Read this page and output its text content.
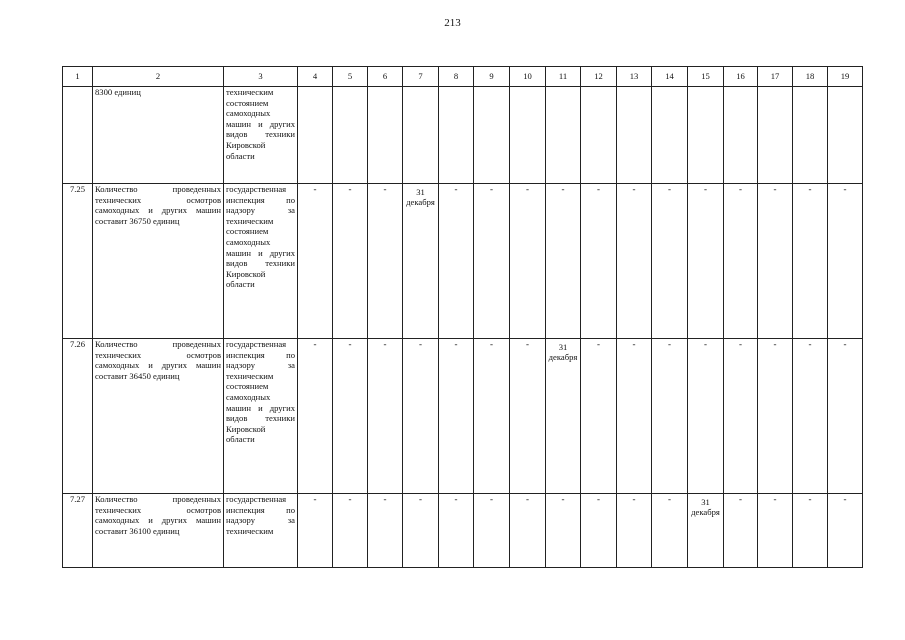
213
1	2	3	4	5	6	7	8	9	10	11	12	13	14	15	16	17	18	19
	8300 единиц	техническим состоянием самоходных машин и других видов техники Кировской области	

7.25	Количество проведенных технических осмотров самоходных и других машин составит 36750 единиц	государственная инспекция по надзору за техническим состоянием самоходных машин и других видов техники Кировской области	-	-	-	31 декабря	-	-	-	-	-	-	-	-	-	-	-	-

7.26	Количество проведенных технических осмотров самоходных и других машин составит 36450 единиц	государственная инспекция по надзору за техническим состоянием самоходных машин и других видов техники Кировской области	-	-	-	-	-	-	-	31 декабря	-	-	-	-	-	-	-	-

7.27	Количество проведенных технических осмотров самоходных и других машин составит 36100 единиц	государственная инспекция по надзору за техническим	-	-	-	-	-	-	-	-	-	-	-	31 декабря	-	-	-	-
